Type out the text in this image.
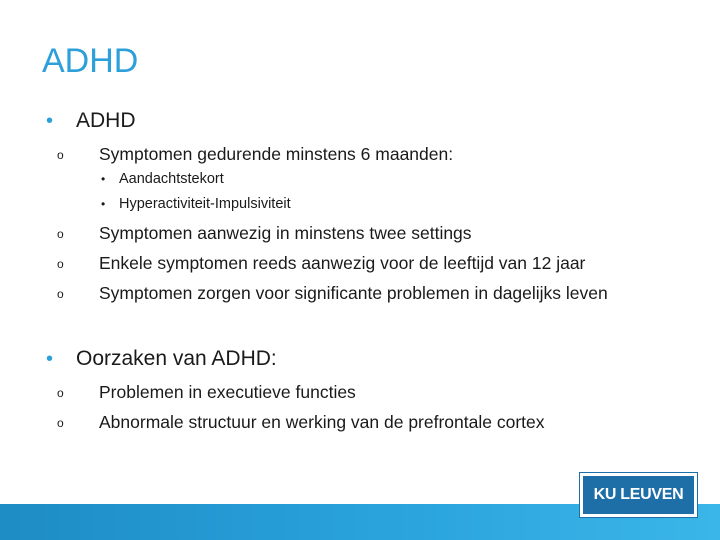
ADHD
•	ADHD
o	Symptomen gedurende minstens 6 maanden:
• Aandachtstekort
• Hyperactiviteit-Impulsiviteit
o	Symptomen aanwezig in minstens twee settings
o	Enkele symptomen reeds aanwezig voor de leeftijd van 12 jaar
o	Symptomen zorgen voor significante problemen in dagelijks leven
•	Oorzaken van ADHD:
o	Problemen in executieve functies
o	Abnormale structuur en werking van de prefrontale cortex
KU LEUVEN
